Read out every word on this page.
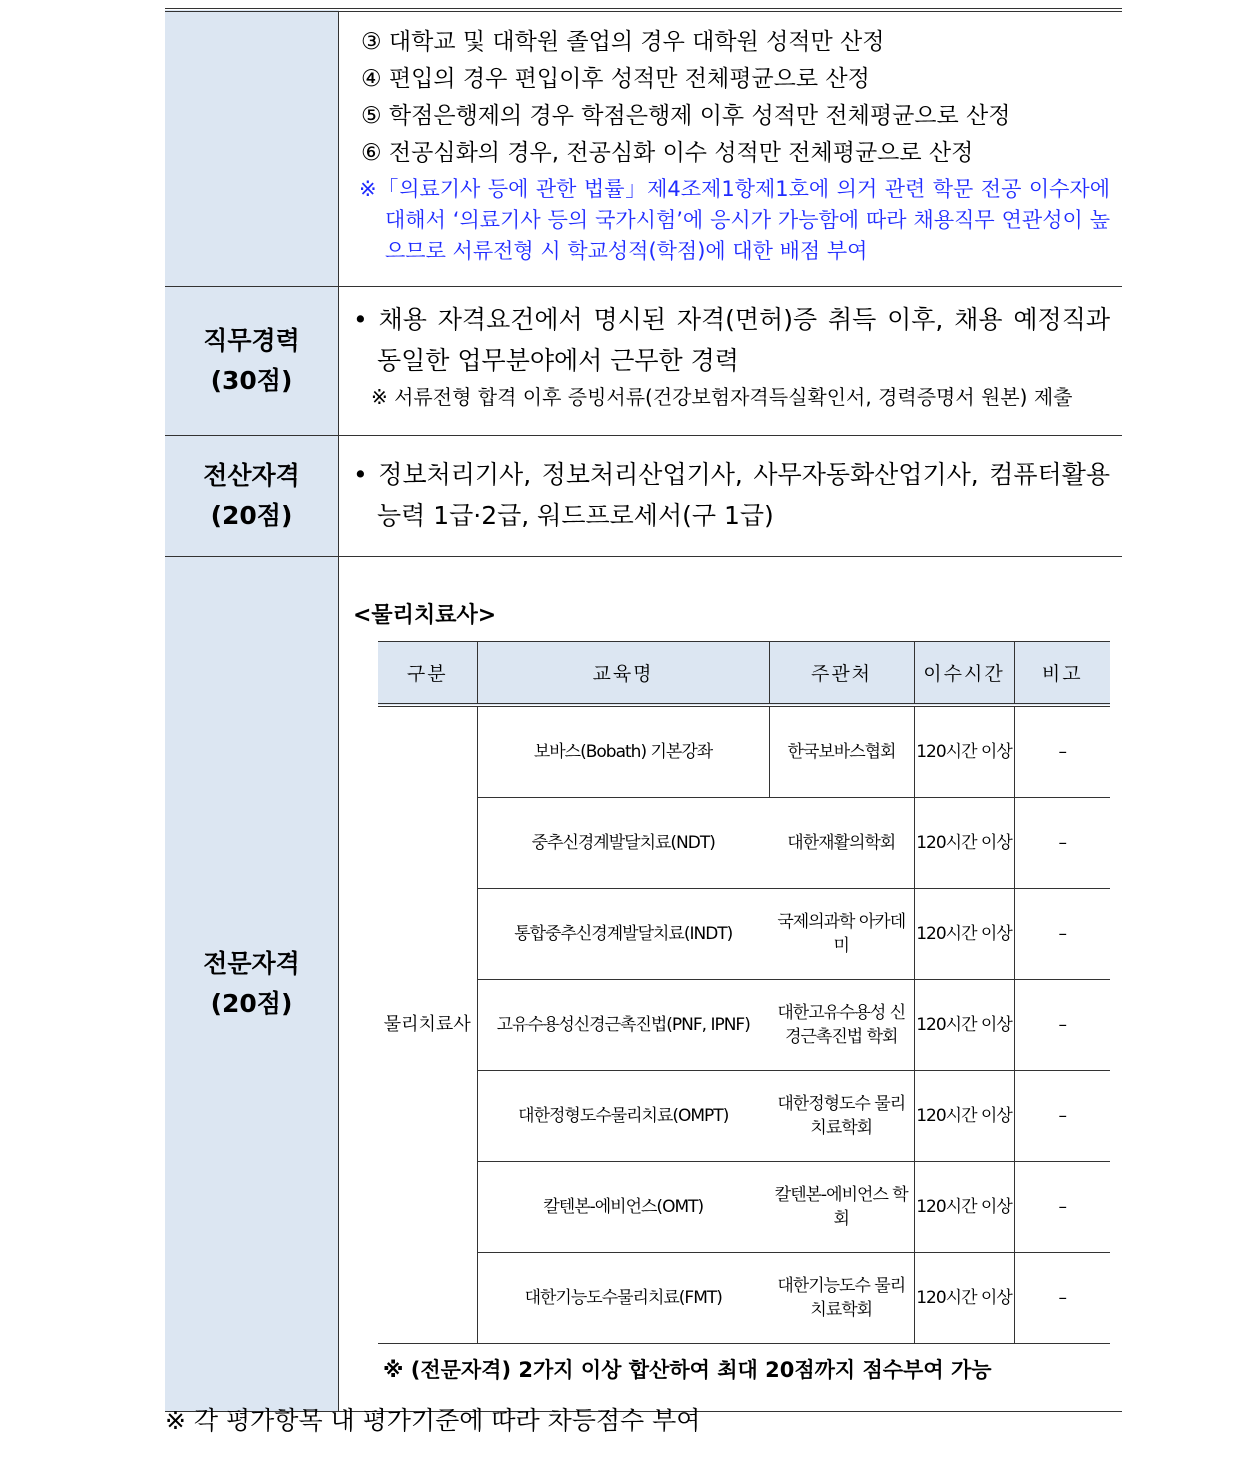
③ 대학교 및 대학원 졸업의 경우 대학원 성적만 산정
④ 편입의 경우 편입이후 성적만 전체평균으로 산정
⑤ 학점은행제의 경우 학점은행제 이후 성적만 전체평균으로 산정
⑥ 전공심화의 경우, 전공심화 이수 성적만 전체평균으로 산정
※「의료기사 등에 관한 법률」제4조제1항제1호에 의거 관련 학문 전공 이수자에 대해서 ‘의료기사 등의 국가시험’에 응시가 가능함에 따라 채용직무 연관성이 높으므로 서류전형 시 학교성적(학점)에 대한 배점 부여

직무경력
(30점)

• 채용 자격요건에서 명시된 자격(면허)증 취득 이후, 채용 예정직과 동일한 업무분야에서 근무한 경력
※ 서류전형 합격 이후 증빙서류(건강보험자격득실확인서, 경력증명서 원본) 제출

전산자격
(20점)

• 정보처리기사, 정보처리산업기사, 사무자동화산업기사, 컴퓨터활용능력 1급·2급, 워드프로세서(구 1급)

전문자격
(20점)

<물리치료사>
구분	교육명	주관처	이수시간	비고
물리치료사	보바스(Bobath) 기본강좌	한국보바스협회	120시간 이상	–
중추신경계발달치료(NDT)	대한재활의학회	120시간 이상	–
통합중추신경계발달치료(INDT)	국제의과학 아카데미	120시간 이상	–
고유수용성신경근촉진법(PNF, IPNF)	대한고유수용성 신경근촉진법 학회	120시간 이상	–
대한정형도수물리치료(OMPT)	대한정형도수 물리치료학회	120시간 이상	–
칼텐본-에비언스(OMT)	칼텐본-에비언스 학회	120시간 이상	–
대한기능도수물리치료(FMT)	대한기능도수 물리치료학회	120시간 이상	–
※ (전문자격) 2가지 이상 합산하여 최대 20점까지 점수부여 가능
※ 각 평가항목 내 평가기준에 따라 차등점수 부여
